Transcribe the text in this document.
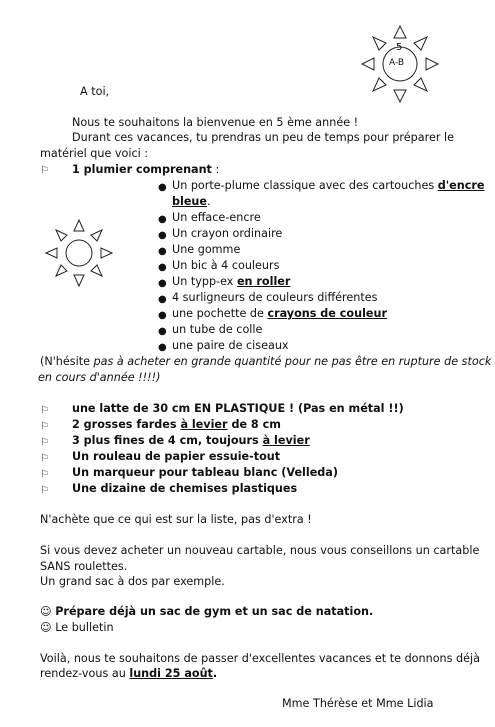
5
A-B
A toi,
Nous te souhaitons la bienvenue en 5 ème année !
Durant ces vacances, tu prendras un peu de temps pour préparer le
matériel que voici :
⚐ 1 plumier comprenant :
● Un porte-plume classique avec des cartouches d'encre
bleue.
● Un efface-encre
● Un crayon ordinaire
● Une gomme
● Un bic à 4 couleurs
● Un typp-ex en roller
● 4 surligneurs de couleurs différentes
● une pochette de crayons de couleur
● un tube de colle
● une paire de ciseaux
(N'hésite pas à acheter en grande quantité pour ne pas être en rupture de stock
en cours d'année !!!!)
⚐ une latte de 30 cm EN PLASTIQUE ! (Pas en métal !!)
⚐ 2 grosses fardes à levier de 8 cm
⚐ 3 plus fines de 4 cm, toujours à levier
⚐ Un rouleau de papier essuie-tout
⚐ Un marqueur pour tableau blanc (Velleda)
⚐ Une dizaine de chemises plastiques
N'achète que ce qui est sur la liste, pas d'extra !
Si vous devez acheter un nouveau cartable, nous vous conseillons un cartable
SANS roulettes.
Un grand sac à dos par exemple.
☺ Prépare déjà un sac de gym et un sac de natation.
☺ Le bulletin
Voilà, nous te souhaitons de passer d'excellentes vacances et te donnons déjà
rendez-vous au lundi 25 août.
Mme Thérèse et Mme Lidia
